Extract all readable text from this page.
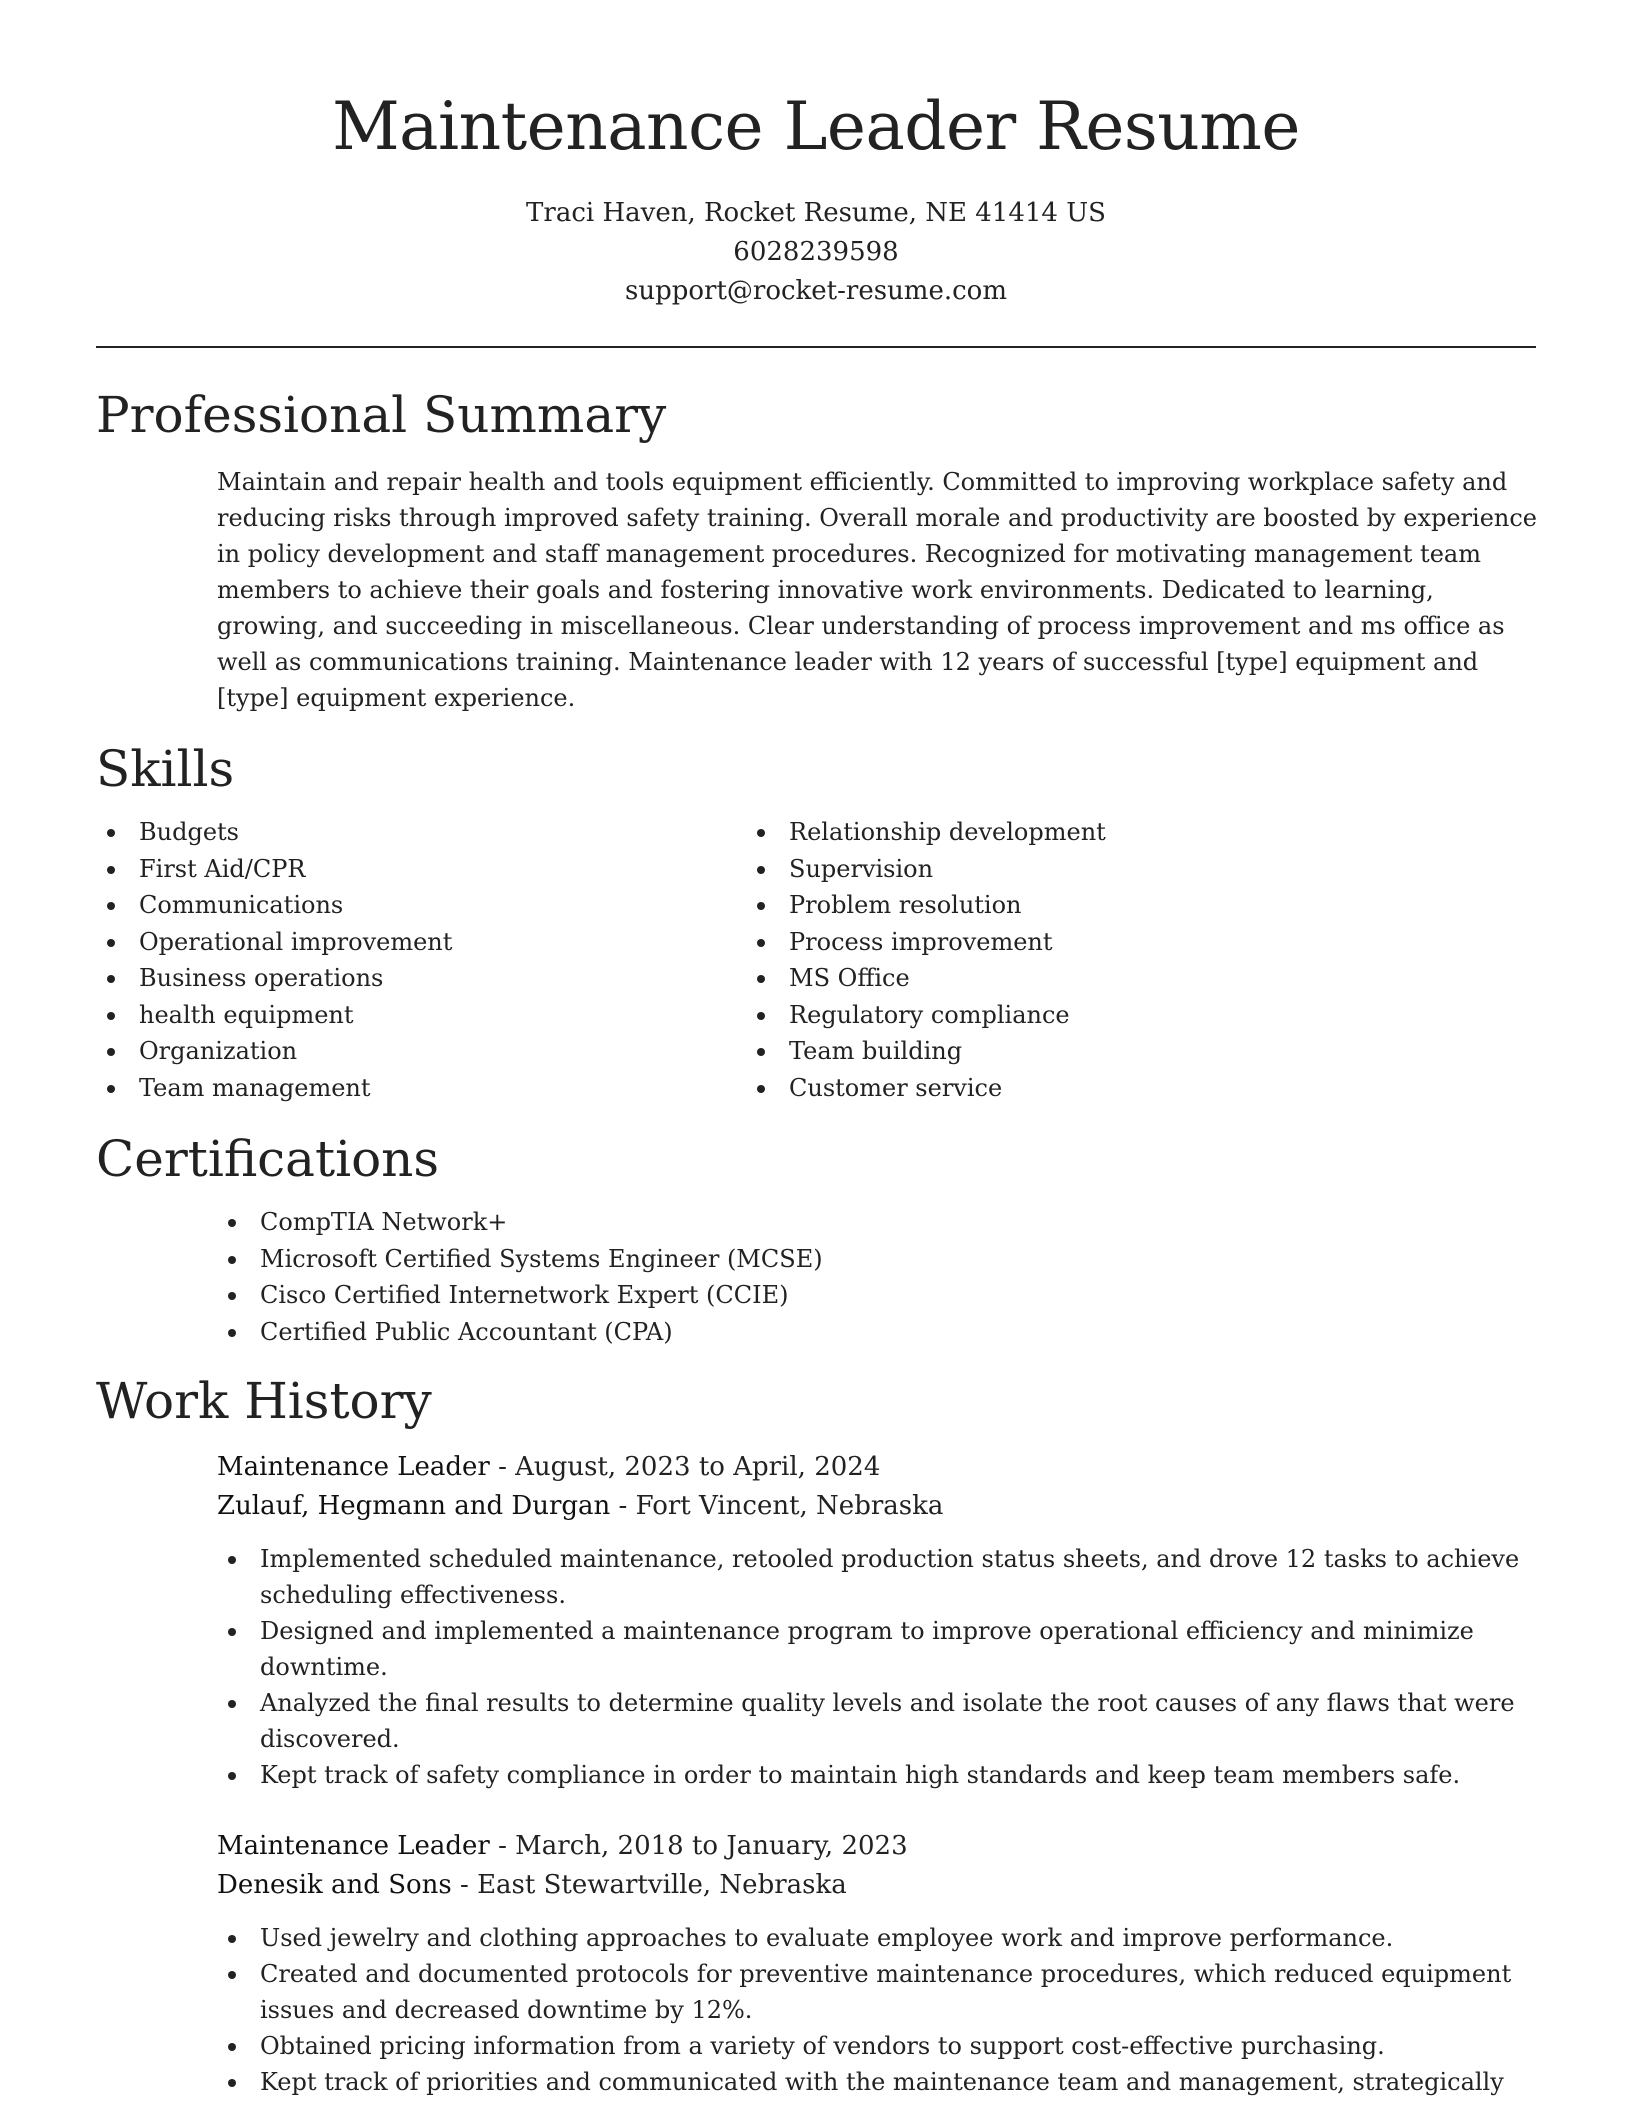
Maintenance Leader Resume
Traci Haven, Rocket Resume, NE 41414 US
6028239598
support@rocket-resume.com
Professional Summary

Maintain and repair health and tools equipment efficiently. Committed to improving workplace safety and reducing risks through improved safety training. Overall morale and productivity are boosted by experience in policy development and staff management procedures. Recognized for motivating management team members to achieve their goals and fostering innovative work environments. Dedicated to learning, growing, and succeeding in miscellaneous. Clear understanding of process improvement and ms office as well as communications training. Maintenance leader with 12 years of successful [type] equipment and [type] equipment experience.

Skills
Budgets
First Aid/CPR
Communications
Operational improvement
Business operations
health equipment
Organization
Team management
Relationship development
Supervision
Problem resolution
Process improvement
MS Office
Regulatory compliance
Team building
Customer service
Certifications
CompTIA Network+
Microsoft Certified Systems Engineer (MCSE)
Cisco Certified Internetwork Expert (CCIE)
Certified Public Accountant (CPA)
Work History
Maintenance Leader - August, 2023 to April, 2024
Zulauf, Hegmann and Durgan - Fort Vincent, Nebraska
Implemented scheduled maintenance, retooled production status sheets, and drove 12 tasks to achieve scheduling effectiveness.
Designed and implemented a maintenance program to improve operational efficiency and minimize downtime.
Analyzed the final results to determine quality levels and isolate the root causes of any flaws that were discovered.
Kept track of safety compliance in order to maintain high standards and keep team members safe.
Maintenance Leader - March, 2018 to January, 2023
Denesik and Sons - East Stewartville, Nebraska
Used jewelry and clothing approaches to evaluate employee work and improve performance.
Created and documented protocols for preventive maintenance procedures, which reduced equipment issues and decreased downtime by 12%.
Obtained pricing information from a variety of vendors to support cost-effective purchasing.
Kept track of priorities and communicated with the maintenance team and management, strategically
